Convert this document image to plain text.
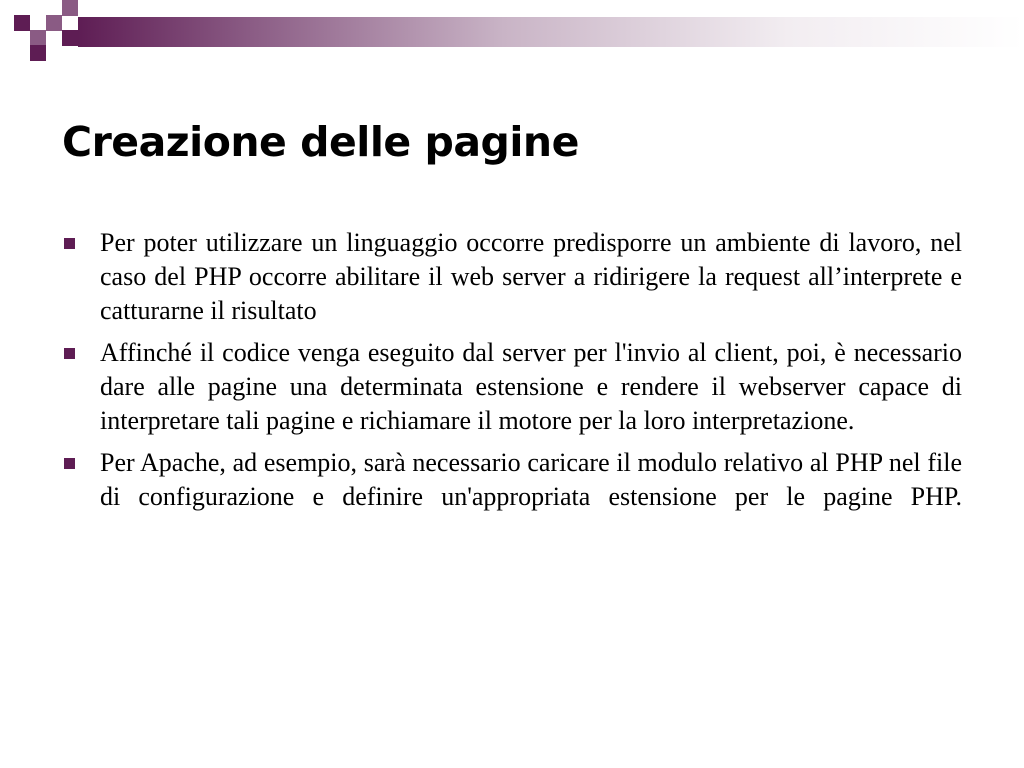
Creazione delle pagine
Per poter utilizzare un linguaggio occorre predisporre un ambiente di lavoro, nel caso del PHP occorre abilitare il web server a ridirigere la request all’interprete e catturarne il risultato
Affinché il codice venga eseguito dal server per l'invio al client, poi, è necessario dare alle pagine una determinata estensione e rendere il webserver capace di interpretare tali pagine e richiamare il motore per la loro interpretazione.
Per Apache, ad esempio, sarà necessario caricare il modulo relativo al PHP nel file di configurazione e definire un'appropriata estensione per le pagine PHP.
